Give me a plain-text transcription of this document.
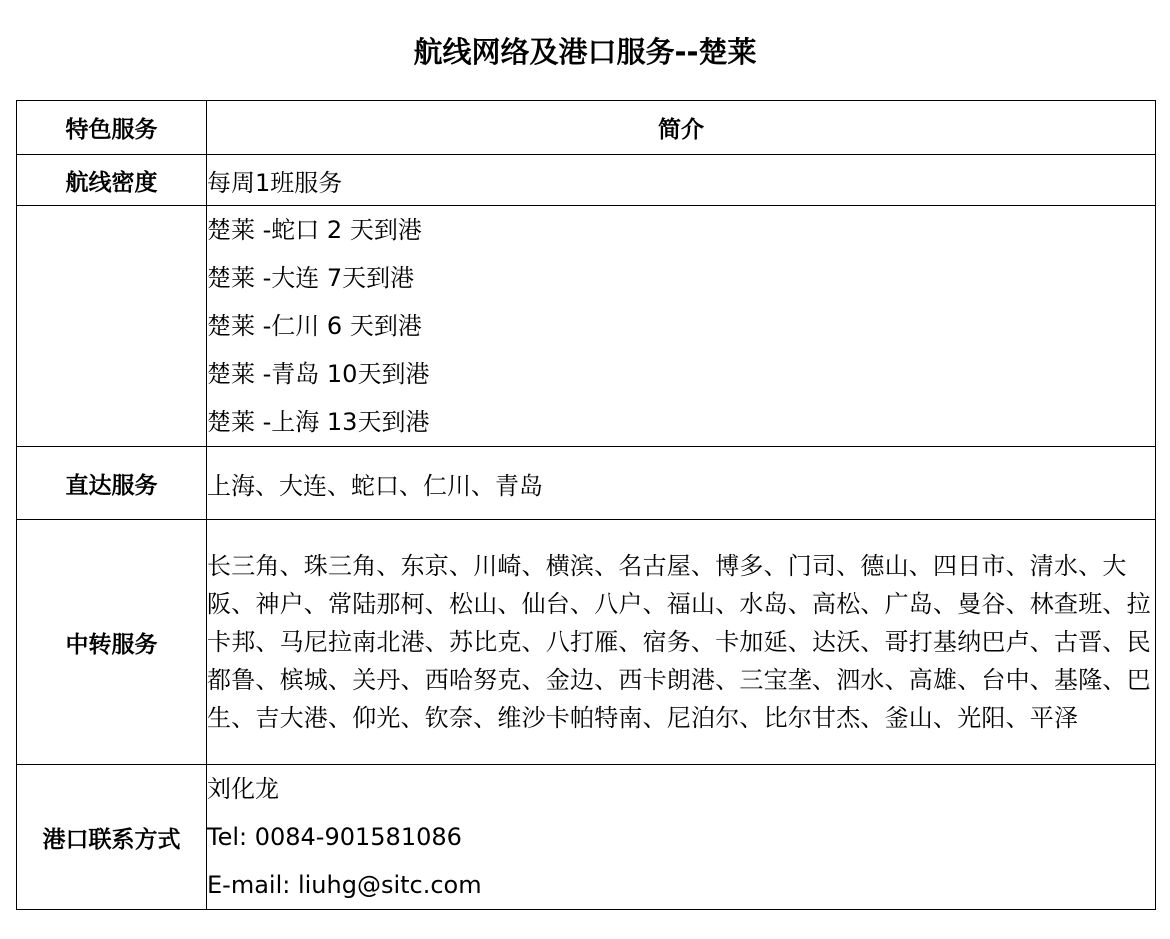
航线网络及港口服务--楚莱
特色服务	简介
航线密度	每周1班服务

	楚莱 -蛇口 2 天到港
楚莱 -大连 7天到港
楚莱 -仁川 6 天到港
楚莱 -青岛 10天到港
楚莱 -上海 13天到港

直达服务	上海、大连、蛇口、仁川、青岛
中转服务	长三角、珠三角、东京、川崎、横滨、名古屋、博多、门司、德山、四日市、清水、大阪、神户、常陆那柯、松山、仙台、八户、福山、水岛、高松、广岛、曼谷、林查班、拉卡邦、马尼拉南北港、苏比克、八打雁、宿务、卡加延、达沃、哥打基纳巴卢、古晋、民都鲁、槟城、关丹、西哈努克、金边、西卡朗港、三宝垄、泗水、高雄、台中、基隆、巴生、吉大港、仰光、钦奈、维沙卡帕特南、尼泊尔、比尔甘杰、釜山、光阳、平泽
港口联系方式	刘化龙
Tel: 0084-901581086
E-mail: liuhg@sitc.com
